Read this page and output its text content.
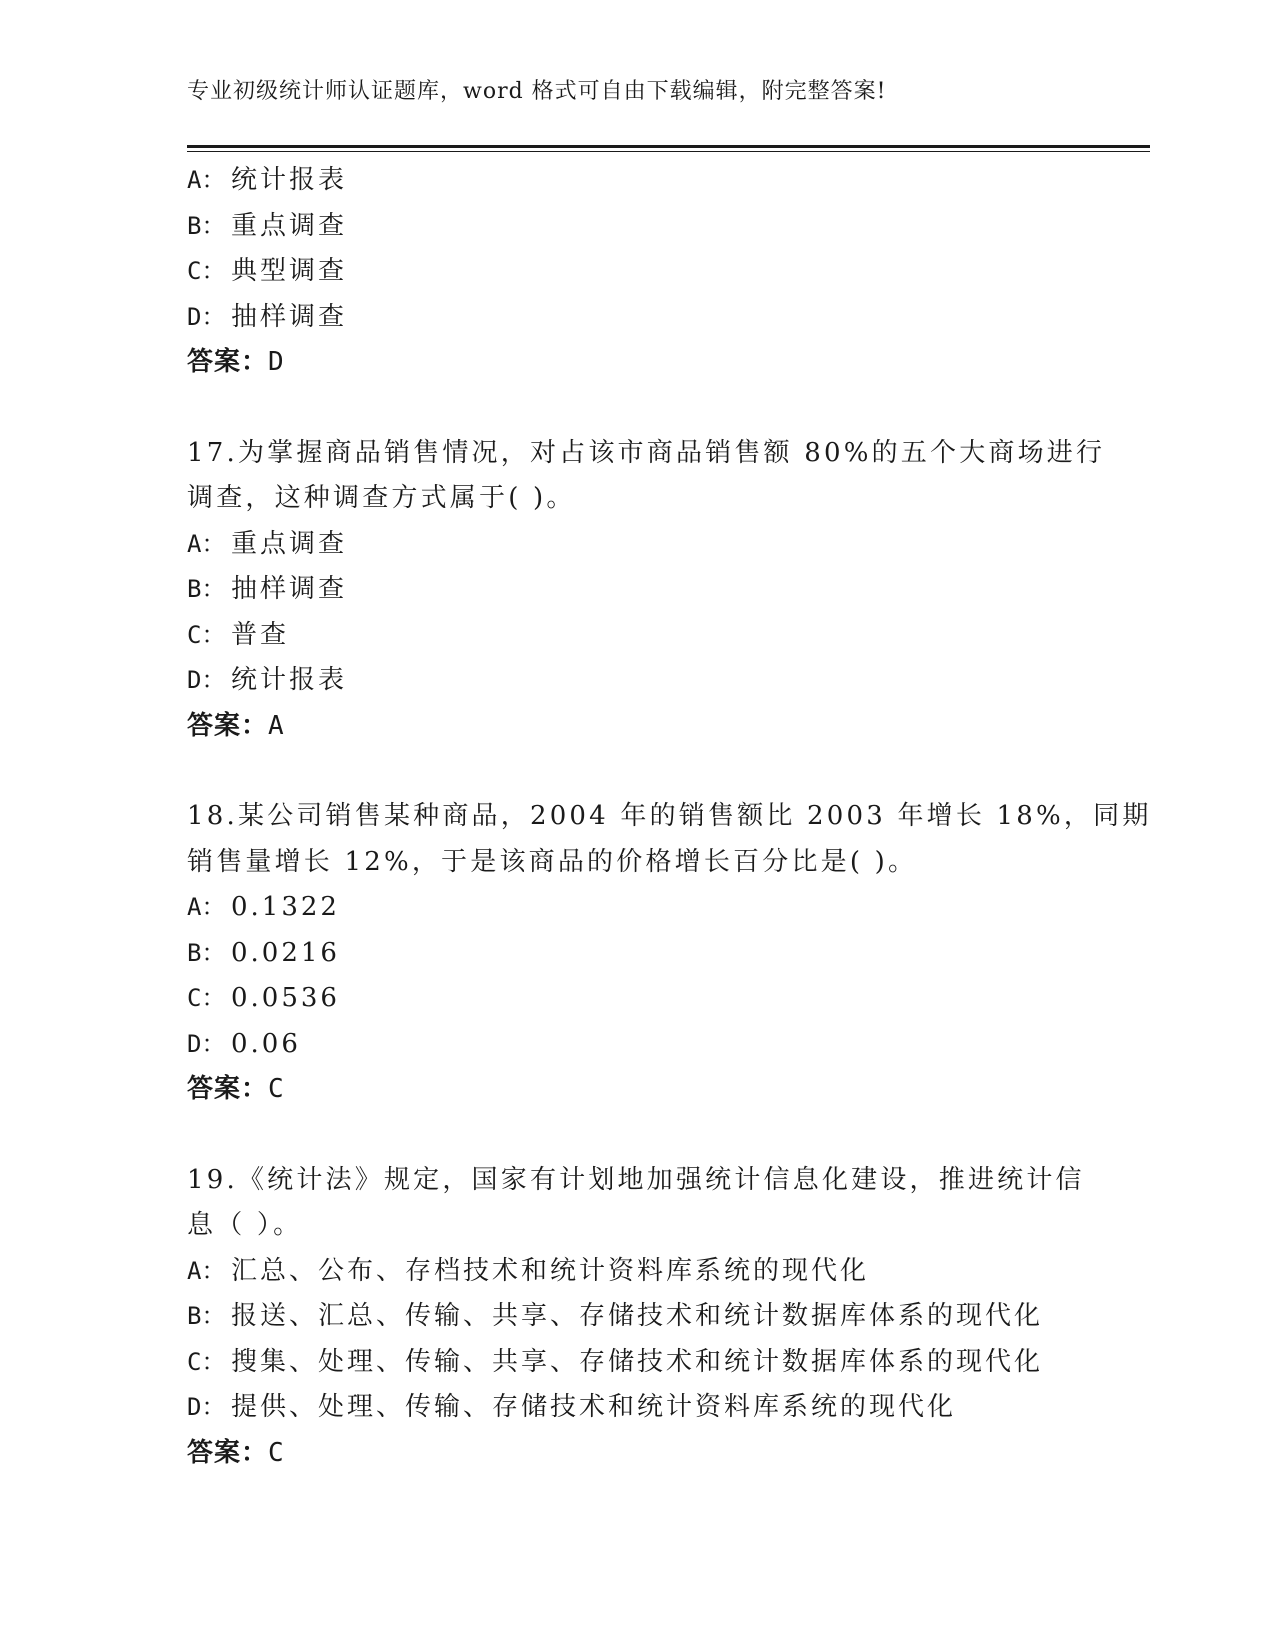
专业初级统计师认证题库，word 格式可自由下载编辑，附完整答案!
A： 统计报表
B： 重点调查
C： 典型调查
D： 抽样调查
答案：D
17.为掌握商品销售情况，对占该市商品销售额 80%的五个大商场进行
调查，这种调查方式属于( )。
A： 重点调查
B： 抽样调查
C： 普查
D： 统计报表
答案：A
18.某公司销售某种商品，2004 年的销售额比 2003 年增长 18%，同期
销售量增长 12%，于是该商品的价格增长百分比是( )。
A： 0.1322
B： 0.0216
C： 0.0536
D： 0.06
答案：C
19.《统计法》规定，国家有计划地加强统计信息化建设，推进统计信
息（ ）。
A： 汇总、公布、存档技术和统计资料库系统的现代化
B： 报送、汇总、传输、共享、存储技术和统计数据库体系的现代化
C： 搜集、处理、传输、共享、存储技术和统计数据库体系的现代化
D： 提供、处理、传输、存储技术和统计资料库系统的现代化
答案：C
